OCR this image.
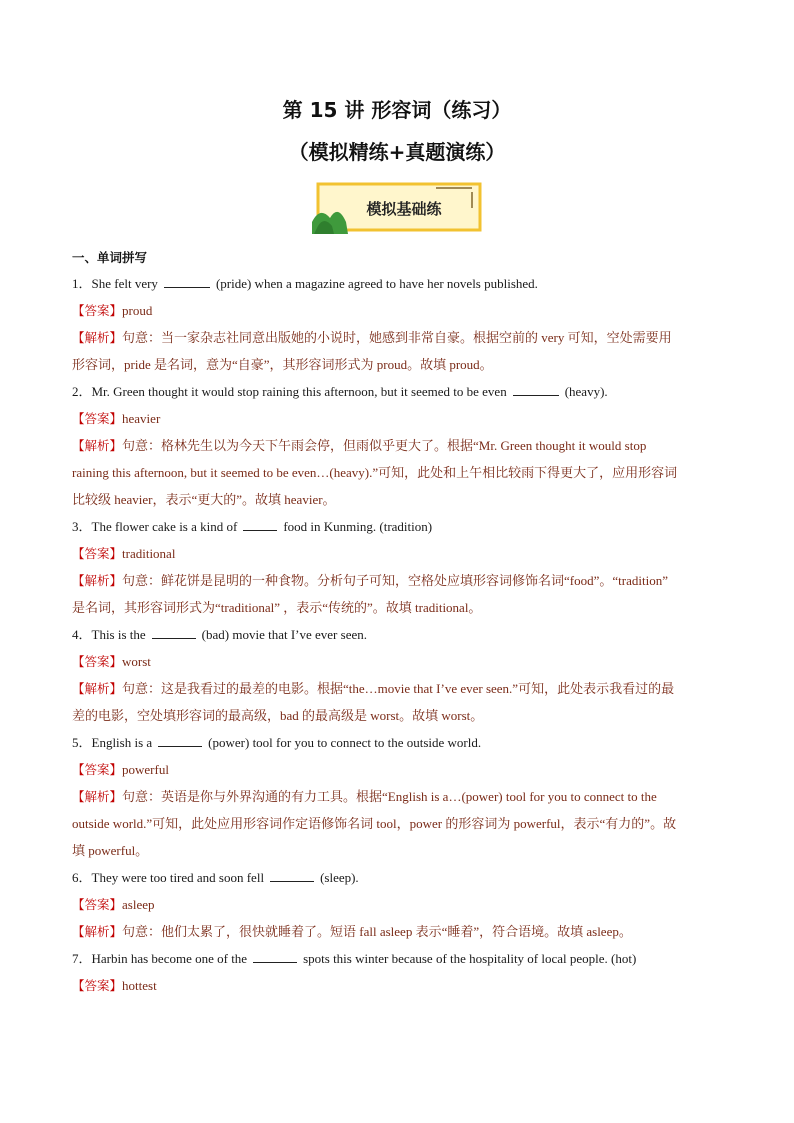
第 15 讲 形容词（练习）
（模拟精练+真题演练）
模拟基础练
一、单词拼写
1．She felt very	(pride) when a magazine agreed to have her novels published.
【答案】proud
【解析】句意：当一家杂志社同意出版她的小说时，她感到非常自豪。根据空前的 very 可知，空处需要用
形容词，pride 是名词，意为“自豪”，其形容词形式为 proud。故填 proud。
2．Mr. Green thought it would stop raining this afternoon, but it seemed to be even	(heavy).
【答案】heavier
【解析】句意：格林先生以为今天下午雨会停，但雨似乎更大了。根据“Mr. Green thought it would stop
raining this afternoon, but it seemed to be even…(heavy).”可知，此处和上午相比较雨下得更大了，应用形容词
比较级 heavier，表示“更大的”。故填 heavier。
3．The flower cake is a kind of	food in Kunming. (tradition)
【答案】traditional
【解析】句意：鲜花饼是昆明的一种食物。分析句子可知，空格处应填形容词修饰名词“food”。“tradition”
是名词，其形容词形式为“traditional” ，表示“传统的”。故填 traditional。
4．This is the	(bad) movie that I’ve ever seen.
【答案】worst
【解析】句意：这是我看过的最差的电影。根据“the…movie that I’ve ever seen.”可知，此处表示我看过的最
差的电影，空处填形容词的最高级，bad 的最高级是 worst。故填 worst。
5．English is a	(power) tool for you to connect to the outside world.
【答案】powerful
【解析】句意：英语是你与外界沟通的有力工具。根据“English is a…(power) tool for you to connect to the
outside world.”可知，此处应用形容词作定语修饰名词 tool，power 的形容词为 powerful，表示“有力的”。故
填 powerful。
6．They were too tired and soon fell	(sleep).
【答案】asleep
【解析】句意：他们太累了，很快就睡着了。短语 fall asleep 表示“睡着”，符合语境。故填 asleep。
7．Harbin has become one of the	spots this winter because of the hospitality of local people. (hot)
【答案】hottest
